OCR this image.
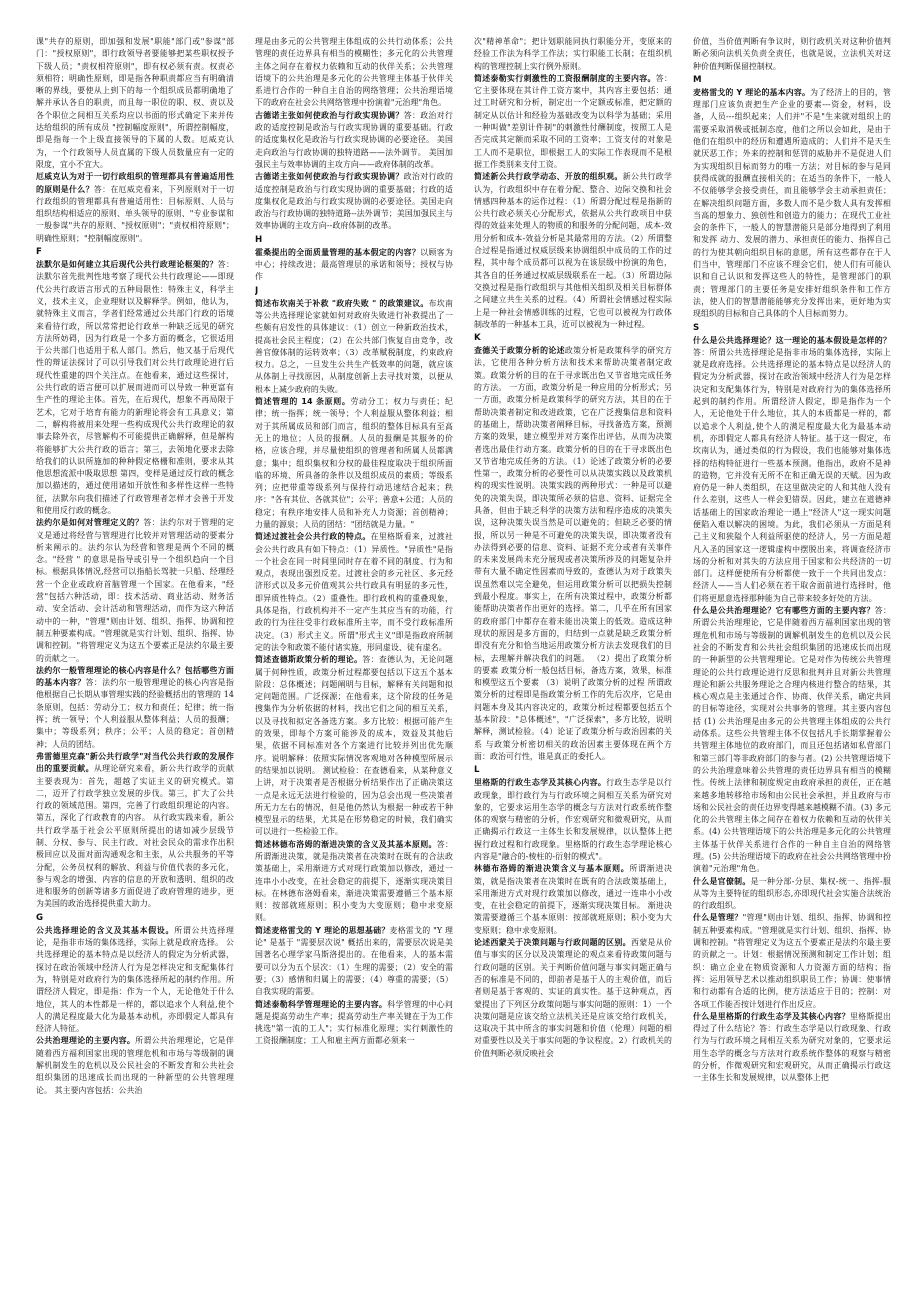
课"共存的原则，即加强和发展"职能"部门或"参谋"部门："授权原则"，即行政领导者要能够把某些职权授予下级人员；"责权相符原则"，即有权必须有责。权责必须相符；明确性原则，即是指各种职责都应当有明确清晰的界线，要使从上到下的每一个组织成员都明确地了解并承认各自的职责，而且每一职位的职、权、责以及各个职位之间相互关系均应以书面的形式确定下来并传达给组织的所有成员 "控制幅度原则"，所谓控制幅度，即是指每一个上级直接领导的下属的人数。厄威克认为，一个行政领导人员直属的下级人员数量应有一定的限度，宜小不宜大。

厄威克认为对于一切行政组织的管理都具有普遍适用性的原则是什么？答：在厄威克看来，下列原则对于一切行政组织的管理都具有普遍适用性：目标原则、人员与组织结构相适应的原则、单头领导的原则、"专业参谋和一般参谋"共存的原则、"授权原则"；"责权相符原则"；明确性原则；"控制幅度原则"。

F

法默尔是如何建立其后现代公共行政理论框架的？答：法默尔首先批判性地考察了现代公共行政理论——即现代公共行政语言形式的五种局限性：特殊主义，科学主义，技术主义，企业理财以及解释学。例如，他认为，就特殊主义而言，学者们经常通过公共部门行政的语境来看待行政，所以常常把论行政单一种缺乏远见的研究方法所妨碍，因为行政是一个多方面的概念，它很适用于公共部门也适用于私人部门。然后，他又基于后现代性的辩证法探讨了可以引导我们对公共行政理论进行后现代性重建的四个关注点。在他看来，通过这些探讨，公共行政的语言便可以扩展而进而可以导致一种更富有生产性的理论主体。首先，在后现代，想象不再局限于艺术，它对于培育有能力的新理论将会有工具意义；第二，解构将被用来处理一些构成现代公共行政理论的叙事去除外衣，尽管解构不可能提供正确解释，但是解构将能够扩大公共行政的语言；第三，去领地化要求去除给我们的认识所施加的种种假定格栅和准则，要求从其他思想流派中吸取思想 第四，变样是通过反行政的概念加以描述的，通过使用诸如开放性和多样性这样一些特征，法默尔向我们描述了行政管理者怎样才会善于开发和使用反行政的概念。

法约尔是如何对管理定义的？答：法约尔对于管理的定义是通过将经营与管理进行比较并对管理活动的要素分析来阐示的。法约尔认为经营和管理是两个不同的概念。"经营 " 的意思是指导或引导一个组织趋向一个目标。根据具体情况,经营可以指船长驾驶一只船、经理经营一个企业或政府首脑管理一个国家。在他看来，"经营"包括六种活动，即：技术活动、商业活动、财务活动、安全活动、会计活动和管理活动，而作为这六种活动中的一种，"管理"则由计划、组织、指挥、协调和控制五种要素构成。"管理就是实行计划、组织、指挥、协调和控制。"将管理定义为这五个要素正是法约尔最主要的贡献之一。

法约尔一般管理理论的核心内容是什么？包括哪些方面的基本内容？答：法约尔一般管理理论的核心内容是指他根据自己长期从事管理实践的经验概括出的管理的 14 条原则，包括：劳动分工；权力和责任；纪律；统一指挥；统一领导；个人利益服从整体利益；人员的报酬；集中；等级系列；秩序；公平；人员的稳定；首创精神；人员的团结。

弗雷德里克森"新公共行政学"对当代公共行政的发展作出的重要贡献。从理论研究来看，新公共行政学的贡献主要表现为：首先，超越了实证主义的研究模式。第二，迈开了行政学独立发展的步伐。第三，扩大了公共行政的领域范围。第四，完善了行政组织理论的内容。第五，深化了行政教育的内容。 从行政实践来看，新公共行政学基于社会公平原则所提出的诸如减少层级节制、分权、参与、民主行政、对社会民众的需求作出积极回应以及面对面沟通观念和主张，从公共服务的平等分配，公务员权利的解放、利益与价值代表的多元化，参与观念的增强、内容的信息的开放和透明、组织的改进和服务的创新等诸多方面促进了政府管理的进步，更为美国的政治选择提供重大助力。

G

公共选择理论的含义及其基本假设。所谓公共选择理论，是指非市场的集体选择，实际上就是政府选择。 公共选择理论的基本特点是以经济人的假定为分析武器，探讨在政治领域中经济人行为是怎样决定和支配集体行为，特别是对政府行为的集体选择所起的制约作用。所谓经济人假定，即是指：作为一个人，无论他处于什么地位，其人的本性都是一样的，都以追求个人利益,使个人的满足程度最大化为最基本动机，亦即假定人都具有经济人特征。

公共治理理论的主要内容。所谓公共治理理论，它是伴随着西方福利国家出现的管理危机和市场与等级制的调解机制发生的危机以及公民社会的不断发育和公共社会组织集团的迅速成长而出现的一种新型的公共管理理论。 其主要内容包括：公共治

理是由多元的公共管理主体组成的公共行动体系；公共管理的责任边界具有相当的模糊性；多元化的公共管理主体之间存在着权力依赖和互动的伙伴关系；公共管理语境下的公共治理是多元化的公共管理主体基于伙伴关系进行合作的一种自主自治的网络管理；公共治理语境下的政府在社会公共网络管理中扮演着"元治理"角色。

古德诺主张如何使政治与行政实现协调？答：政治对行政的适度控制是政治与行政实现协调的重要基础。行政的适度集权化是政治与行政实现协调的必要途径。 美国走向政治与行政协调的独特道路——法外调节。 美国加强民主与效率协调的主攻方向——政府体制的改革。

古德诺主张如何使政治与行政实现协调？政治对行政的适度控制是政治与行政实现协调的重要基础；行政的适度集权化是政治与行政实现协调的必要途径。美国走向政治与行政协调的独特道路--法外调节；美国加强民主与效率协调的主攻方向--政府体制的改革。

H

霍桑提出的全面质量管理的基本假定的内容？以顾客为中心；持续改进；最高管理层的承诺和领导；授权与协作

J

简述布坎南关于补救 "政府失败 " 的政策建议。布坎南等公共选择理论家就如何对政府失败进行补救提出了一些颇有启发性的具体建议：（1）创立一种新政治技术，提高社会民主程度；（2）在公共部门恢复自由竞争，改善官僚体制的运转效率；（3）改革赋税制度，约束政府权力。总之，一旦发生公共生产低效率的问题，就应该从体制上寻找原因，从制度创新上去寻找对策，以便从根本上减少政府的失败。

简述管理的 14 条原则。劳动分工；权力与责任；纪律；统一指挥；统一领导；个人利益服从整体利益；相对于其所属成员和部门而言，组织的整体目标具有至高无上的地位；人员的报酬。人员的报酬是其服务的价格，应该合理，并尽量使组织的管理者和所属人员都满意；集中；组织集权和分权的最佳程度取决于组织所面临的环境、所具备的条件以及组织成员的素质；等级系列；应把带重等级系列与保持行动迅速结合起来；秩序："各有其位、各就其位"；公平；善意+公道；人员的稳定；有秩序地安排人员和补充人力资源；首创精神；力量的源泉；人员的团结："团结就是力量。"

简述过渡社会公共行政的特点。在里格斯看来，过渡社会公共行政具有如下特点：（1）异质性。"异质性"是指一个社会在同一时间里同时存在着不同的制度、行为和观点，表现出强烈反差。过渡社会的乡元社区、多元经济形式以及多元价值观其公共行政具有明显的多元性，即异质性特点。（2）重叠性。即行政机构的重叠现象，具体是指，行政机构并不一定产生其应当有的功能，行政的行为往往受非行政标准所主宰，而不受行政标准所决定。（3）形式主义。所谓"形式主义"即是指政府所制定的法令和政策不能付诸实施，形同虚设、徒有虚名。

简述查德斯政策分析的理论。答：查德认为，无论问题属于何种性质，政策分析过程都要包括以下这五个基本阶段：总体概述；问题阐明与目标，解释有关问题和拟定问题范围。广泛探源；在他看来，这个阶段的任务是搜集作为分析依据的材料，找出它们之间的相互关系，以及寻找和拟定各备选方案。多方比较：根据可能产生的效果，即每个方案可能涉及的成本，效益及其他后果，依据不同标准对各个方案进行比较并列出优先顺序。说明解释：依照实际情况客观地对各种模型所展示的结果加以说明。 测试检验：在查德看来，从某种意义上讲，对于决策者是否根据分析结果作出了正确决策这一点是永远无法进行检验的，因为总会出现一些决策者所无力左右的情况，但是他仍然认为根据一种或若干种模型显示的结果，尤其是在形势稳定的时候，我们确实可以进行一些检验工作。

简述林德布洛姆的渐进决策的含义及其基本原则。答：所谓渐进决策，就是指决策者在决策时在既有的合法政策基础上，采用渐进方式对现行政策加以修改，通过一连串小小改变，在社会稳定的前提下，逐渐实现决策目标。在林德布洛姆看来，渐进决策需要遵循三个基本原则：按部就班原则；积小变为大变原则；稳中求变原则。

简述麦格雷戈的 Y 理论的思想基础？麦格雷戈的 "Y 理论" 是基于 "需要层次说" 概括出来的，需要层次说是美国著名心理学家马斯洛提出的。在他看来，人的基本需要可以分为五个层次：（1）生理的需要；（2）安全的需要；（3）感情和归属上的需要；（4）尊重的需要；（5）自我实现的需要。

简述泰勒科学管理理论的主要内容。科学管理的中心问题是提高劳动生产率；提高劳动生产率关键在于为工作挑选"第一流的工人"；实行标准化原理；实行刺激性的工资报酬制度；工人和雇主两方面都必须来一

次"精神革命"；把计划职能同执行职能分开，变原来的经验工作法为科学工作法；实行职能工长制；在组织机构的管理控制上实行例外原则。

简述泰勒实行刺激性的工资报酬制度的主要内容。答：它主要体现在其计件工资方案中，其内容主要包括：通过工时研究和分析，制定出一个定额或标准，把定额的制定从以估计和经验为基础改变为以科学为基础；采用一种叫做"差别计件制"的刺激性付酬制度，按照工人是否完成其定额而采取不同的工资率；工资支付的对象是工人而不是职位，即根据工人的实际工作表现而不是根据工作类别来支付工资。

简述新公共行政学动态、开放的组织观。新公共行政学认为，行政组织中存在着分配、整合、边际交换和社会情感四种基本的运作过程：（1）所谓分配过程是指新的公共行政必须关心分配形式，依据从公共行政项目中获得的效益来处理人的物质的和服务的分配问题，成本-效用分析和成本-效益分析是其最常用的方法。（2）所谓整合过程是指通过权威层级来协调组织中成员的工作的过程，其中每个成员都可以视为在该层级中扮演的角色，其各自的任务通过权威层级联系在一起。（3）所谓边际交换过程是指行政组织与其他相关组织及相关目标群体之间建立共生关系的过程。（4）所谓社会情感过程实际上是一种社会情感训练的过程，它也可以被视为行政体制改革的一种基本工具，近可以被视为一种过程。

K

查德关于政策分析的论述政策分析是政策科学的研究方法，它使用各种分析方法和技术来帮助决策者制定政策。政策分析的目的在于寻求既出色又节省地完成任务的方法。 一方面，政策分析是一种应用的分析形式；另一方面，政策分析是政策科学的研究方法，其目的在于帮助决策者制定和改进政策，它在广泛搜集信息和资料的基础上，帮助决策者阐释目标，寻找备选方案，预测方案的效果，建立模型并对方案作出评估，从而为决策者选出最佳行动方案。政策分析的目的在于寻求既出色又节省地完成任务的方法。（1）论述了政策分析的必要性第一，政策分析的必要性可以从决策实践以及政策机构的现实性说明。决策实践的两种形式：一种是可以避免的决策失误，即决策所必须的信息、资料、证据完全具备，但由于缺乏科学的决策方法和程序造成的决策失误，这种决策失误当然是可以避免的；但缺乏必要的情报，所以另一种是不可避免的决策失误，即决策者没有办法得到必要的信息、资料、证据不充分或者有关事件的未来发展尚未充分展现或者决策所涉及的问题复杂并带有大量不确定性因素而导致的，查德认为对于政策失误虽然难以完全避免，但运用政策分析可以把损失控制到最小程度。事实上，在所有决策过程中，政策分析都能帮助决策者作出更好的选择。第二，几乎在所有国家的政府部门中都存在着未能出决策上的低效。造成这种现状的原因是多方面的，归结到一点就是缺乏政策分析即没有充分和恰当地运用政策分析方法去发现我们的目标，去理解并解决我们的问题。 （2）提出了政策分析的要素 政策分析一般包括目标，备选方案，效果，标准和模型这五个要素 （3）说明了政策分析的过程 所谓政策分析的过程即是指政策分析工作的先后次序，它是由问题本身及其内容决定的，政策分析过程都要包括五个基本阶段："总体概述"，"广泛探索"，多方比较，说明解释，测试检验。（4）论证了政策分析与政治因素的关系 与政策分析密切相关的政治因素主要体现在两个方面：政治可行性，谁是真正的委托人。

L

里格斯的行政生态学及其核心内容。行政生态学是以行政现象，即行政行为与行政环境之间相互关系为研究对象的，它要求运用生态学的概念与方法对行政系统作整体的观察与精密的分析，作宏观研究和微观研究，从而正确揭示行政这一主体生长和发展规律，以认整体上把握行政过程和行政现象。里格斯的行政生态学理论核心内容是"融合的-棱柱的-衍射的模式"。

林德布洛姆的渐进决策含义与基本原则。所谓渐进决策，就是指决策者在决策时在既有的合法政策基础上，采用渐进方式对现行政策加以修改，通过一连串小小改变，在社会稳定的前提下，逐渐实现决策目标。 渐进决策需要遵循三个基本原则：按部就班原则；积小变为大变原则；稳中求变原则。

论述西蒙关于决策问题与行政问题的区别。西蒙是从价值与事实的区分以及决策理论的观点来看待政策问题与行政问题的区别。关于判断价值问题与事实问题正确与否的标准是不同的，即前者是基于人的主观价值，而后者则是基于客观的、实证的真实性。基于这种观点，西蒙提出了下列区分政策问题与事实问题的原则：1）一个决策问题是应该交给立法机关还是应该交给行政机关，这取决于其中所含的事实问题和价值（伦理）问题的相对重要性以及关于事实问题的争议程度。2）行政机关的价值判断必须反映社会

价值，当价值判断有争议时，则行政机关对这种价值判断必须向法机关负责全责任，也就是说，立法机关对这种价值判断保留控制权。

M

麦格雷戈的 Y 理论的基本内容。为了经济上的目的，管理部门应该负责把生产企业的要素---资金，材料，设备，人员---组织起来；人们并"不是"生来就对组织上的需要采取消极或抵制态度，他们之所以会如此，是由于他们在组织中的经历和遭遇所造成的；人们并不是天生就厌恶工作；外来的控制和惩罚的威胁并不是促进人们为实现组织目标而努力的唯一方法；对目标的参与是同获得成就的报酬直接相关的；在适当的条件下，一般人不仅能够学会接受责任，而且能够学会主动承担责任；在解决组织问题方面，多数人而不是少数人具有发挥相当高的想象力、独创性和创造力的能力；在现代工业社会的条件下，一般人的智慧潜能只是部分地得到了利用和发挥 动力、发展的潜力、承担责任的能力、指挥自己的行为使其朝向组织目标的意愿，所有这些都存在于人们当中，管理部门不应该不理会它们，使人们有可能认识和自己认识和发挥这些人的特性，是管理部门的职责；管理部门的主要任务是安排好组织条件和工作方法，使人们的智慧潜能能够充分发挥出来，更好地为实现组织的目标和自己具体的个人目标而努力。

S

什么是公共选择理论？这一理论的基本假设是怎样的？答：所谓公共选择理论是指非市场的集体选择，实际上就是政府选择。公共选择理论的基本特点是以经济人的假定为分析武器，探讨在政治领域中经济人行为是怎样决定和支配集体行为，特别是对政府行为的集体选择所起到的制约作用。所谓经济人假定，即是指作为一个人，无论他处于什么地位，其人的本质都是一样的，都以追求个人利益,使个人的满足程度最大化为最基本动机，亦即假定人都具有经济人特征。基于这一假定，布坎南认为，通过类似的行为假设，我们也能够对集体选择的结构特征进行一些基本预测。他指出，政府不是神的造物，它并没有无所不在和正确无误的天赋。因为政府仍是一种人类组织，在这里做决定的人和其他人没有什么差别，这些人一样会犯错误。因此，建立在道德神话基础上的国家政治理论一遇上"经济人"这一现实问题便陷入难以解决的困境。为此，我们必须从一方面是利己主义和狭隘个人利益所驱使的经济人，另一方面是超凡入圣的国家这一逻辑虚构中摆脱出来，将调查经济市场的分析和对其失的方法应用于国家和公共经济的一切部门。这样便使所有分析都使一致于一个共同出发点：经济人——当人们必须在若干取舍面前进行选择时，他们将更愿意选择那种能为自己带来较多好处的方法。

什么是公共治理理论？它有哪些方面的主要内容？答：所谓公共治理理论，它是伴随着西方福利国家出现的管理危机和市场与等级制的调解机制发生的危机以及公民社会的不断发育和公共社会组织集团的迅速成长而出现的一种新型的公共管理理论。它是对作为传统公共管理理论的公共行政理论进行反思和批判并且对新公共管理理论和新公共服务理论之合理内核进行整合的结果，其核心观点是主张通过合作、协商、伙伴关系，确定共同的目标等途径，实现对公共事务的管理。其主要内容包括 (1) 公共治理是由多元的公共管理主体组成的公共行动体系。这些公共管理主体不仅包括凡手长期掌握着公共管理主体地位的政府部门，而且还包括诸如私营部门和第三部门等非政府部门的参与者。(2) 公共管理语境下的公共治理意味着公共管理的责任边界具有相当的模糊性。传统上法律和制度规定由政府承担的责任，正在越来越多地转移给市场和由公民社会承担，并且政府与市场和公民社会的责任边界变得越来越模糊不清。(3) 多元化的公共管理主体之间存在着权力依赖和互动的伙伴关系。(4) 公共管理语境下的公共治理是多元化的公共管理主体基于伙伴关系进行合作的一种自主自治的网络管理。(5) 公共治理语境下的政府在社会公共网络管理中扮演着"元治理"角色。

什么是官僚制。是一种分部-分层、集权-统一、指挥-服从等为主要特征的组织形态,亦即现代社会实施合法统治的行政组织。

什么是管理？"管理"则由计划、组织、指挥、协调和控制五种要素构成。"管理就是实行计划、组织、指挥、协调和控制。"将管理定义为这五个要素正是法约尔最主要的贡献之一。计划：根据情况预测和制定工作计划；组织：确立企业在物质资源和人力资源方面的结构；指挥：运用领导艺术以推动组织职员工作；协调：使事情和行动都有合适的比例，使方法适应于目的；控制：对各项工作能否按计划进行作出反应。

什么是里格斯的行政生态学及其核心内容？里格斯提出得过了什么结论？答：行政生态学是以行政现象、行政行为与行政环境之间相互关系为研究对象的，它要求运用生态学的概念与方法对行政系统作整体的观察与精密的分析，作微观研究和宏观研究，从而正确揭示行政这一主体生长和发展规律，以从整体上把
